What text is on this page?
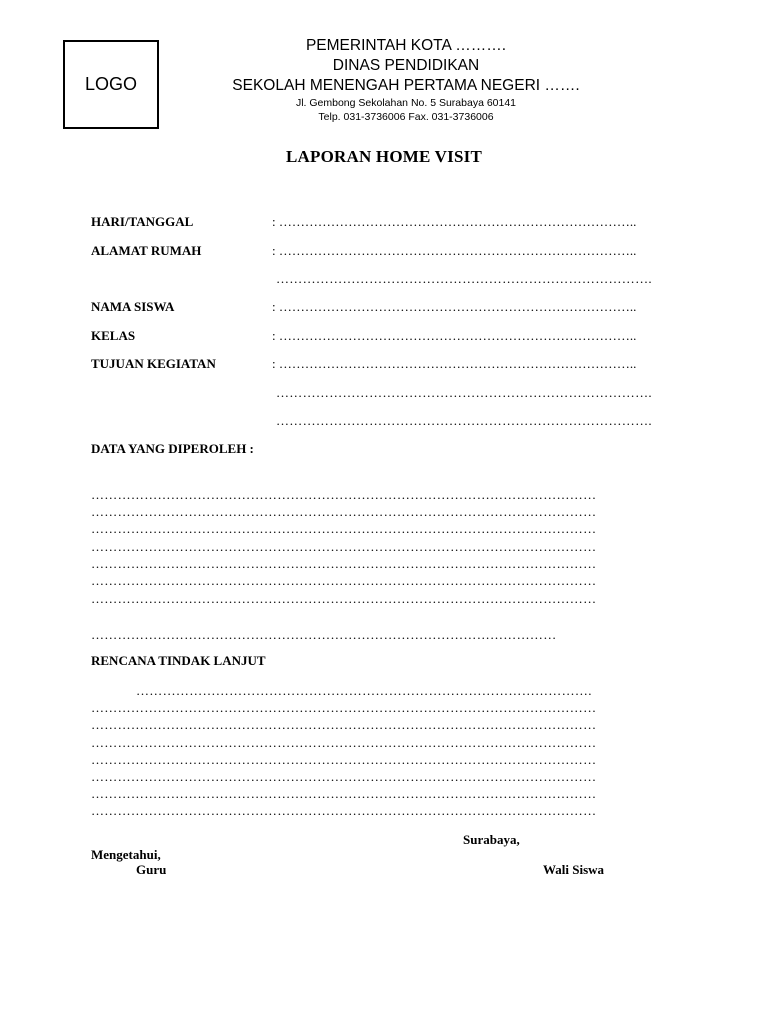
LOGO
PEMERINTAH KOTA ……….
DINAS PENDIDIKAN
SEKOLAH MENENGAH PERTAMA NEGERI …….
Jl. Gembong Sekolahan No. 5 Surabaya 60141
Telp. 031-3736006 Fax. 031-3736006
LAPORAN HOME VISIT
HARI/TANGGAL	: ………………………………………………………………………..
ALAMAT RUMAH	: ………………………………………………………………………..
………………………………………………………………………….
NAMA SISWA	: ………………………………………………………………………..
KELAS	: ………………………………………………………………………..
TUJUAN KEGIATAN	: ………………………………………………………………………..
………………………………………………………………………….
………………………………………………………………………….
DATA YANG DIPEROLEH :
……………………………………………………………………………………………………
……………………………………………………………………………………………………
……………………………………………………………………………………………………
……………………………………………………………………………………………………
……………………………………………………………………………………………………
……………………………………………………………………………………………………
……………………………………………………………………………………………………
……………………………………………………………………………………………
RENCANA TINDAK LANJUT
………………………………………………………………………………………….
……………………………………………………………………………………………………
……………………………………………………………………………………………………
……………………………………………………………………………………………………
……………………………………………………………………………………………………
……………………………………………………………………………………………………
……………………………………………………………………………………………………
……………………………………………………………………………………………………
Surabaya,
Mengetahui,
Guru	Wali Siswa
